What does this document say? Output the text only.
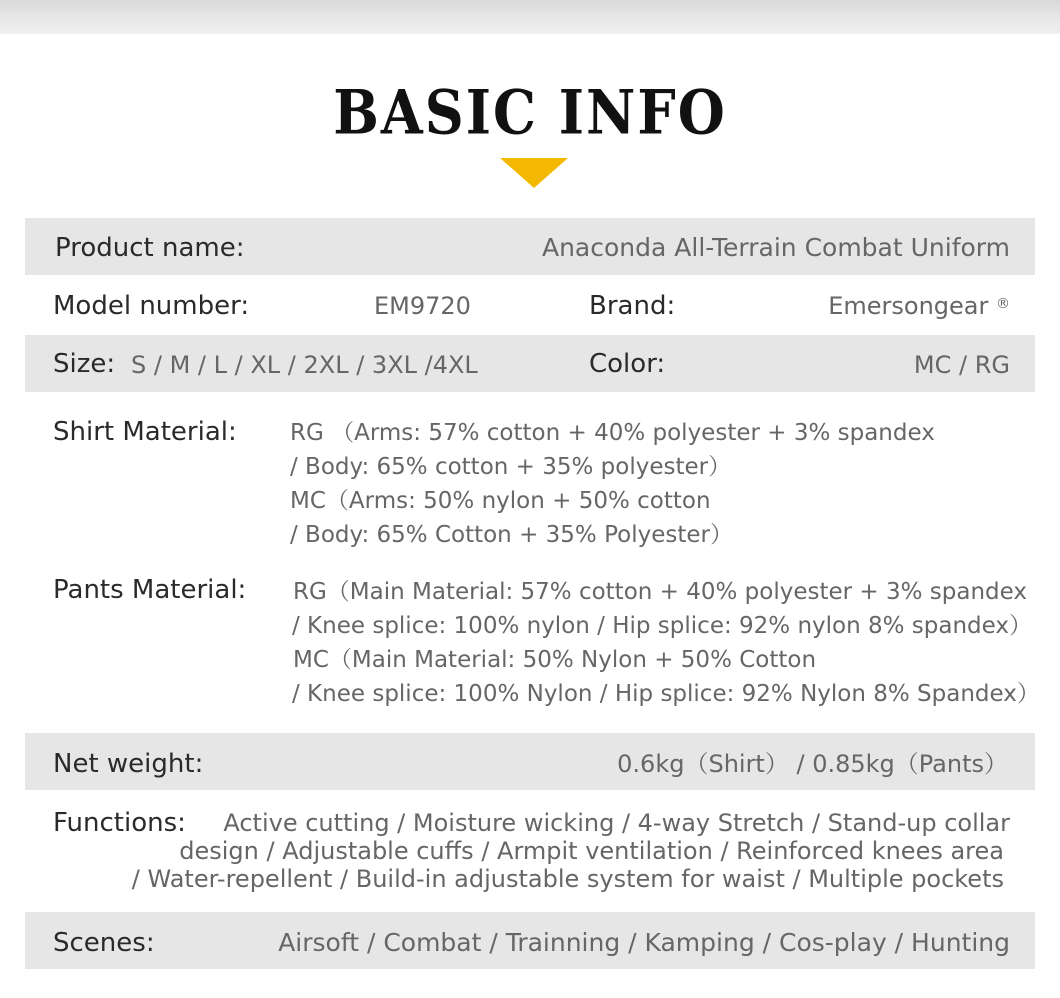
BASIC INFO
Product name:	Anaconda All-Terrain Combat Uniform
Model number:	EM9720	Brand:	Emersongear ®
Size: S / M / L / XL / 2XL / 3XL /4XL	Color:	MC / RG
Shirt Material: RG （Arms: 57% cotton + 40% polyester + 3% spandex
/ Body: 65% cotton + 35% polyester）
MC（Arms: 50% nylon + 50% cotton
/ Body: 65% Cotton + 35% Polyester）
Pants Material: RG（Main Material: 57% cotton + 40% polyester + 3% spandex
/ Knee splice: 100% nylon / Hip splice: 92% nylon 8% spandex）
MC（Main Material: 50% Nylon + 50% Cotton
/ Knee splice: 100% Nylon / Hip splice: 92% Nylon 8% Spandex）
Net weight:	0.6kg（Shirt） / 0.85kg（Pants）
Functions: Active cutting / Moisture wicking / 4-way Stretch / Stand-up collar
design / Adjustable cuffs / Armpit ventilation / Reinforced knees area
/ Water-repellent / Build-in adjustable system for waist / Multiple pockets
Scenes:	Airsoft / Combat / Trainning / Kamping / Cos-play / Hunting
